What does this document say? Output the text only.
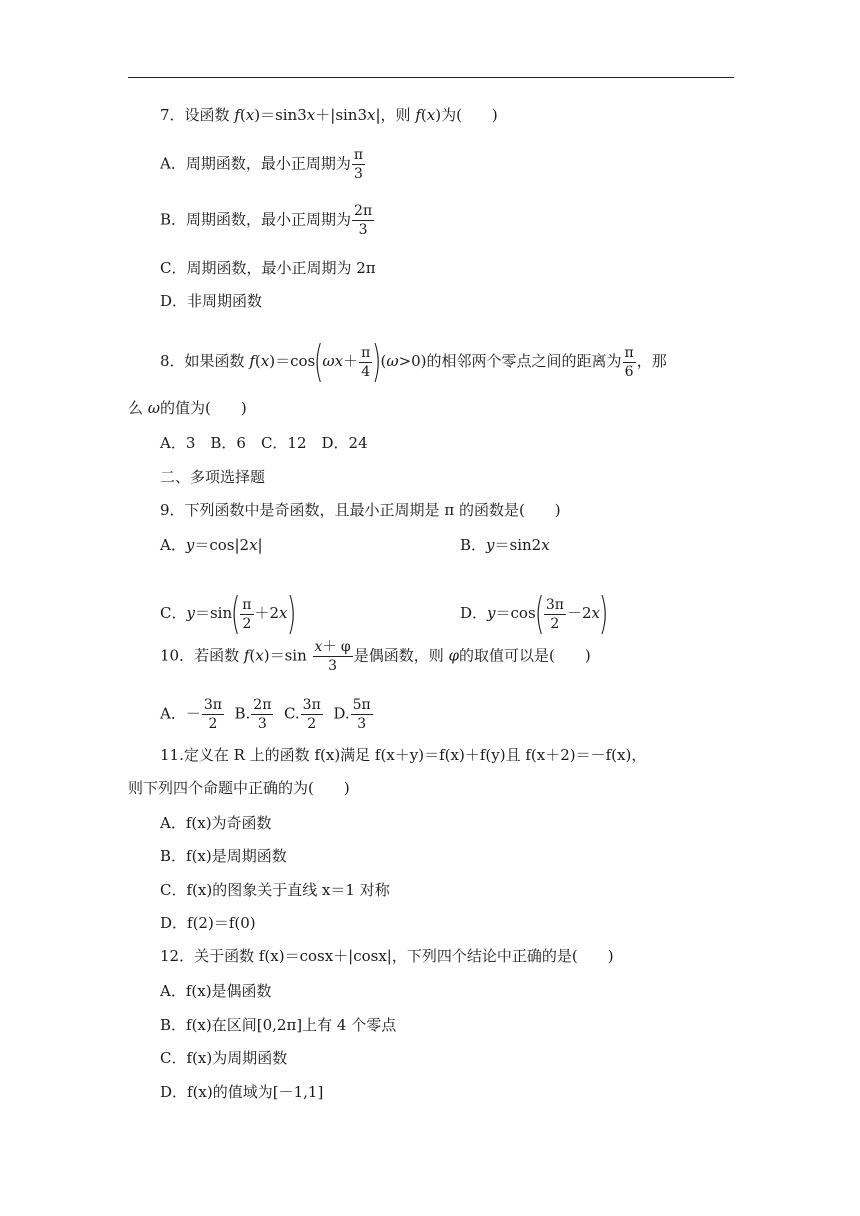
7．设函数 f(x)＝sin3x＋|sin3x|，则 f(x)为(　　)
A．周期函数，最小正周期为 $\frac{\pi}{3}$
B．周期函数，最小正周期为 $\frac{2\pi}{3}$
C．周期函数，最小正周期为 2π
D．非周期函数
8．如果函数 $f(x)=\cos(\omega x+ \frac{\pi}{4} )(\omega>0)$的相邻两个零点之间的距离为 $\frac{\pi}{6}$ ，那
么 ω的值为(　　)
A．3　B．6　C．12　D．24
二、多项选择题
9．下列函数中是奇函数，且最小正周期是 π 的函数是(　　)
A．y＝cos|2x|	B．y＝sin2x
C．$y=\sin( \frac{\pi}{2} +2x)$	D．$y=\cos( \frac{3\pi}{2} -2x)$
10．若函数 $f(x)=\sin \frac{x+ \varphi}{3}$ 是偶函数，则 φ的取值可以是(　　)
A．－ $\frac{3\pi}{2} B$. $\frac{2\pi}{3} C$. $\frac{3\pi}{2} D$. $\frac{5\pi}{3}$
11.定义在 R 上的函数 f(x)满足 f(x＋y)＝f(x)＋f(y)且 f(x＋2)＝－f(x)，
则下列四个命题中正确的为(　　)
A．f(x)为奇函数
B．f(x)是周期函数
C．f(x)的图象关于直线 x＝1 对称
D．f(2)＝f(0)
12．关于函数 f(x)＝cosx＋|cosx|，下列四个结论中正确的是(　　)
A．f(x)是偶函数
B．f(x)在区间[0,2π]上有 4 个零点
C．f(x)为周期函数
D．f(x)的值域为[－1,1]
